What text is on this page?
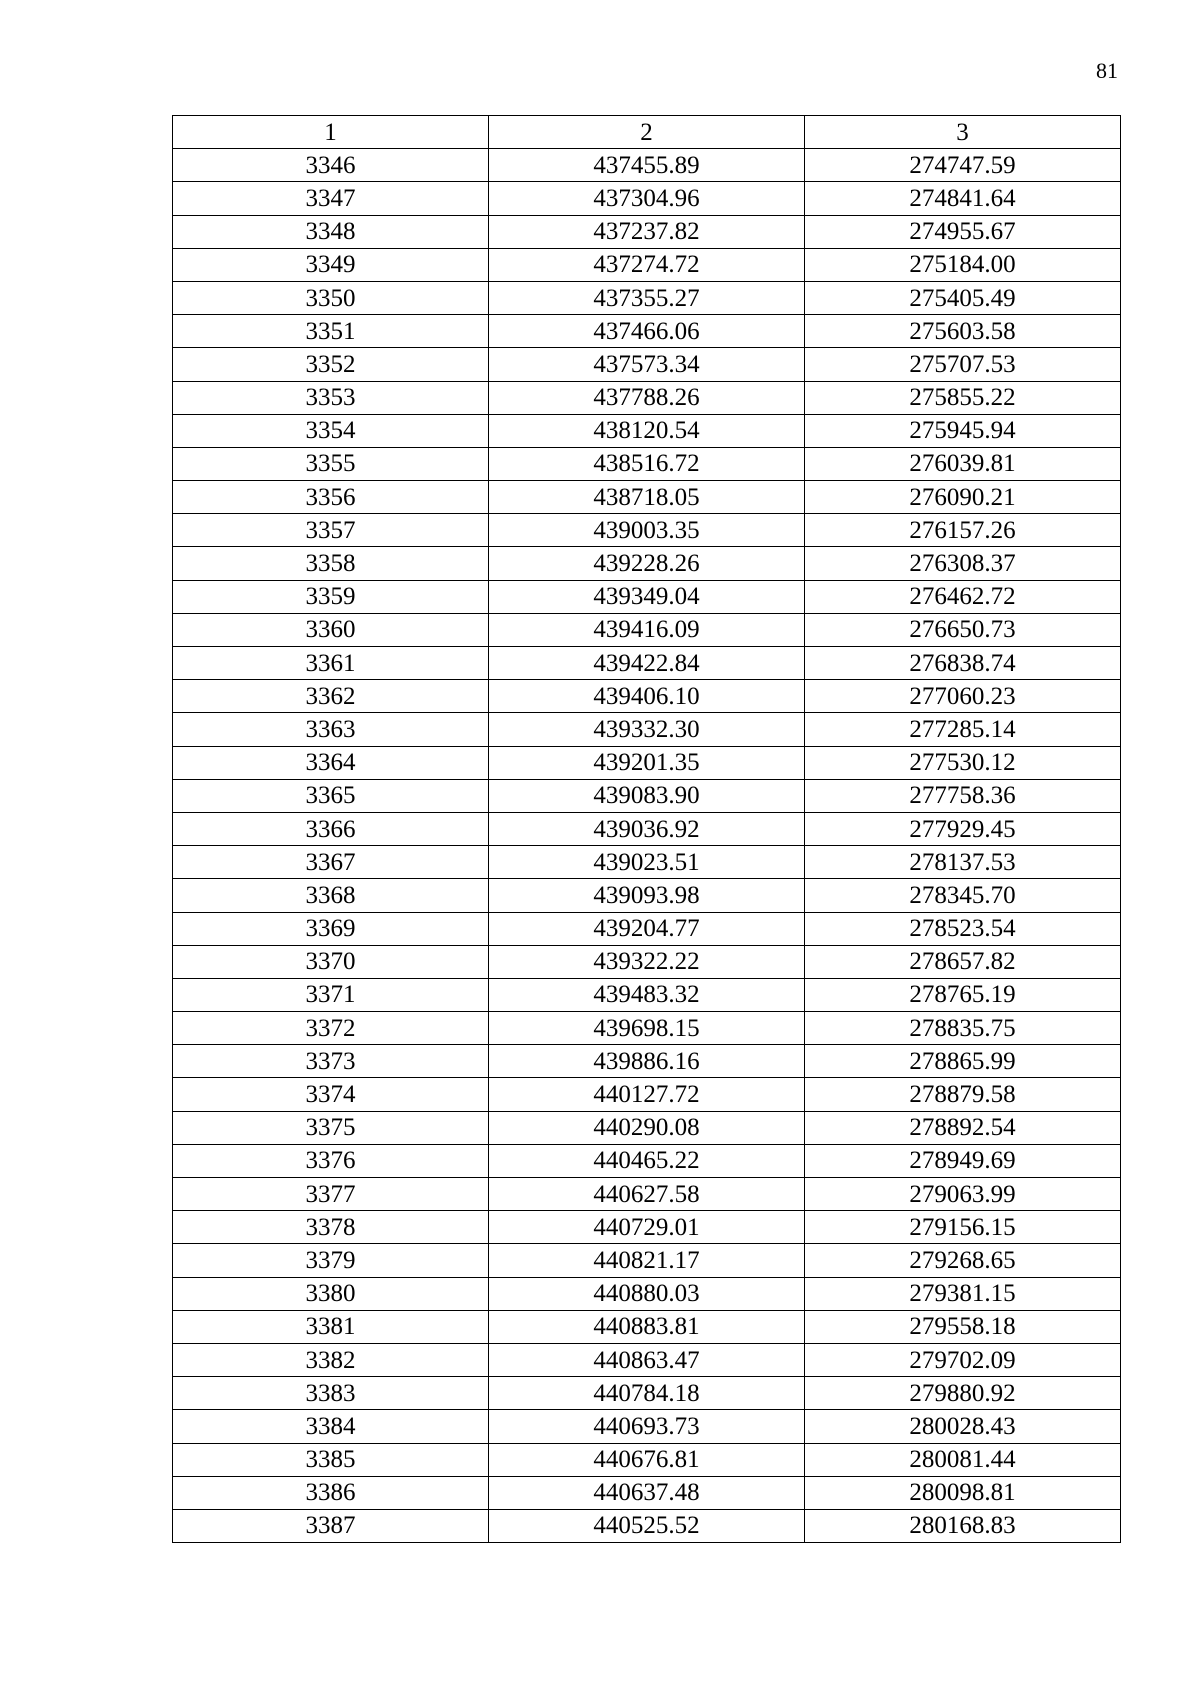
81
1	2	3
3346	437455.89	274747.59
3347	437304.96	274841.64
3348	437237.82	274955.67
3349	437274.72	275184.00
3350	437355.27	275405.49
3351	437466.06	275603.58
3352	437573.34	275707.53
3353	437788.26	275855.22
3354	438120.54	275945.94
3355	438516.72	276039.81
3356	438718.05	276090.21
3357	439003.35	276157.26
3358	439228.26	276308.37
3359	439349.04	276462.72
3360	439416.09	276650.73
3361	439422.84	276838.74
3362	439406.10	277060.23
3363	439332.30	277285.14
3364	439201.35	277530.12
3365	439083.90	277758.36
3366	439036.92	277929.45
3367	439023.51	278137.53
3368	439093.98	278345.70
3369	439204.77	278523.54
3370	439322.22	278657.82
3371	439483.32	278765.19
3372	439698.15	278835.75
3373	439886.16	278865.99
3374	440127.72	278879.58
3375	440290.08	278892.54
3376	440465.22	278949.69
3377	440627.58	279063.99
3378	440729.01	279156.15
3379	440821.17	279268.65
3380	440880.03	279381.15
3381	440883.81	279558.18
3382	440863.47	279702.09
3383	440784.18	279880.92
3384	440693.73	280028.43
3385	440676.81	280081.44
3386	440637.48	280098.81
3387	440525.52	280168.83
